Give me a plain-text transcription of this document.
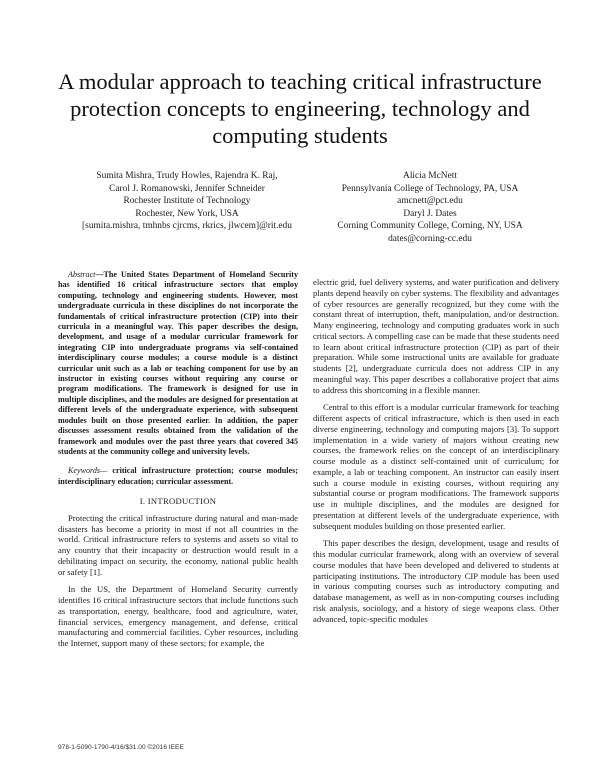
A modular approach to teaching critical infrastructure protection concepts to engineering, technology and computing students
Sumita Mishra, Trudy Howles, Rajendra K. Raj,
Carol J. Romanowski, Jennifer Schneider
Rochester Institute of Technology
Rochester, New York, USA
[sumita.mishra, tmhnbs cjrcms, rkrics, jlwcem]@rit.edu
Alicia McNett
Pennsylvania College of Technology, PA, USA
amcnett@pct.edu
Daryl J. Dates
Corning Community College, Corning, NY, USA
dates@corning-cc.edu

Abstract—The United States Department of Homeland Security has identified 16 critical infrastructure sectors that employ computing, technology and engineering students. However, most undergraduate curricula in these disciplines do not incorporate the fundamentals of critical infrastructure protection (CIP) into their curricula in a meaningful way. This paper describes the design, development, and usage of a modular curricular framework for integrating CIP into undergraduate programs via self-contained interdisciplinary course modules; a course module is a distinct curricular unit such as a lab or teaching component for use by an instructor in existing courses without requiring any course or program modifications. The framework is designed for use in multiple disciplines, and the modules are designed for presentation at different levels of the undergraduate experience, with subsequent modules built on those presented earlier. In addition, the paper discusses assessment results obtained from the validation of the framework and modules over the past three years that covered 345 students at the community college and university levels.

Keywords— critical infrastructure protection; course modules; interdisciplinary education; curricular assessment.

I. INTRODUCTION

Protecting the critical infrastructure during natural and man-made disasters has become a priority in most if not all countries in the world. Critical infrastructure refers to systems and assets so vital to any country that their incapacity or destruction would result in a debilitating impact on security, the economy, national public health or safety [1].

In the US, the Department of Homeland Security currently identifies 16 critical infrastructure sectors that include functions such as transportation, energy, healthcare, food and agriculture, water, financial services, emergency management, and defense, critical manufacturing and commercial facilities. Cyber resources, including the Internet, support many of these sectors; for example, the

electric grid, fuel delivery systems, and water purification and delivery plants depend heavily on cyber systems. The flexibility and advantages of cyber resources are generally recognized, but they come with the constant threat of interruption, theft, manipulation, and/or destruction. Many engineering, technology and computing graduates work in such critical sectors. A compelling case can be made that these students need to learn about critical infrastructure protection (CIP) as part of their preparation. While some instructional units are available for graduate students [2], undergraduate curricula does not address CIP in any meaningful way. This paper describes a collaborative project that aims to address this shortcoming in a flexible manner.

Central to this effort is a modular curricular framework for teaching different aspects of critical infrastructure, which is then used in each diverse engineering, technology and computing majors [3]. To support implementation in a wide variety of majors without creating new courses, the framework relies on the concept of an interdisciplinary course module as a distinct self-contained unit of curriculum; for example, a lab or teaching component. An instructor can easily insert such a course module in existing courses, without requiring any substantial course or program modifications. The framework supports use in multiple disciplines, and the modules are designed for presentation at different levels of the undergraduate experience, with subsequent modules building on those presented earlier.

This paper describes the design, development, usage and results of this modular curricular framework, along with an overview of several course modules that have been developed and delivered to students at participating institutions. The introductory CIP module has been used in various computing courses such as introductory computing and database management, as well as in non-computing courses including risk analysis, sociology, and a history of siege weapons class. Other advanced, topic-specific modules

978-1-5090-1790-4/16/$31.00 ©2016 IEEE
